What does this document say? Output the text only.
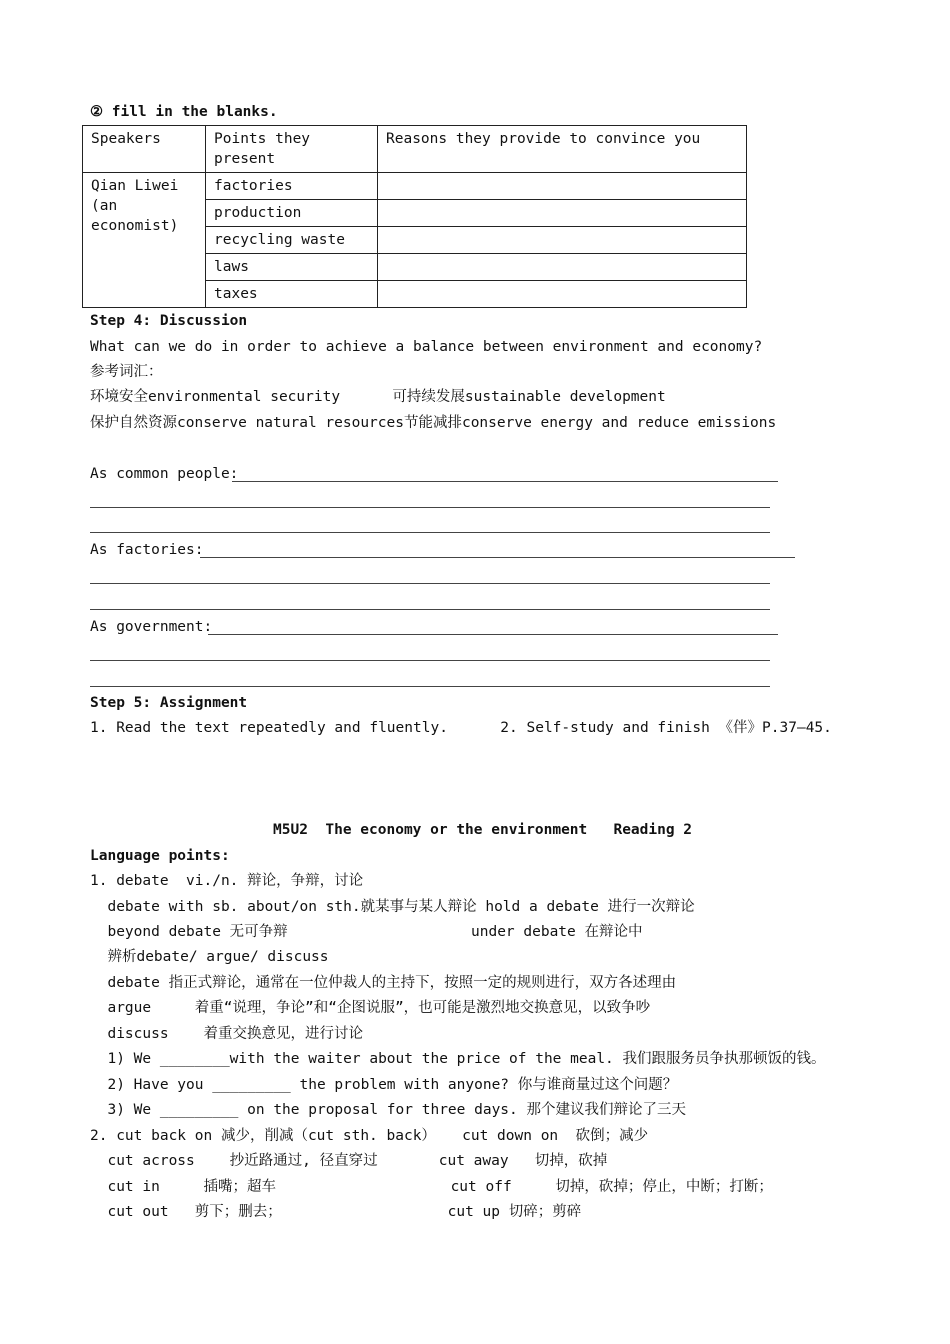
② fill in the blanks.
Speakers	Points they present	Reasons they provide to convince you
Qian Liwei (an economist)	factories	
	production	
	recycling waste	
	laws	
	taxes	
Step 4: Discussion
What can we do in order to achieve a balance between environment and economy?
参考词汇：
环境安全environmental security      可持续发展sustainable development
保护自然资源conserve natural resources节能减排conserve energy and reduce emissions
As common people:
As factories:
As government:
Step 5: Assignment
1. Read the text repeatedly and fluently.      2. Self-study and finish 《伴》P.37—45.
M5U2  The economy or the environment   Reading 2
Language points:
1. debate  vi./n. 辩论，争辩，讨论
debate with sb. about/on sth.就某事与某人辩论 hold a debate 进行一次辩论
beyond debate 无可争辩                     under debate 在辩论中
辨析debate/ argue/ discuss
debate 指正式辩论，通常在一位仲裁人的主持下，按照一定的规则进行，双方各述理由
argue     着重“说理，争论”和“企图说服”，也可能是激烈地交换意见，以致争吵
discuss    着重交换意见，进行讨论
1) We ________with the waiter about the price of the meal. 我们跟服务员争执那顿饭的钱。
2) Have you _________ the problem with anyone? 你与谁商量过这个问题？
3) We _________ on the proposal for three days. 那个建议我们辩论了三天
2. cut back on 减少，削减（cut sth. back）   cut down on  砍倒；减少
cut across    抄近路通过, 径直穿过       cut away   切掉，砍掉
cut in     插嘴；超车                    cut off     切掉，砍掉；停止，中断；打断；
cut out   剪下；删去；                   cut up 切碎；剪碎
